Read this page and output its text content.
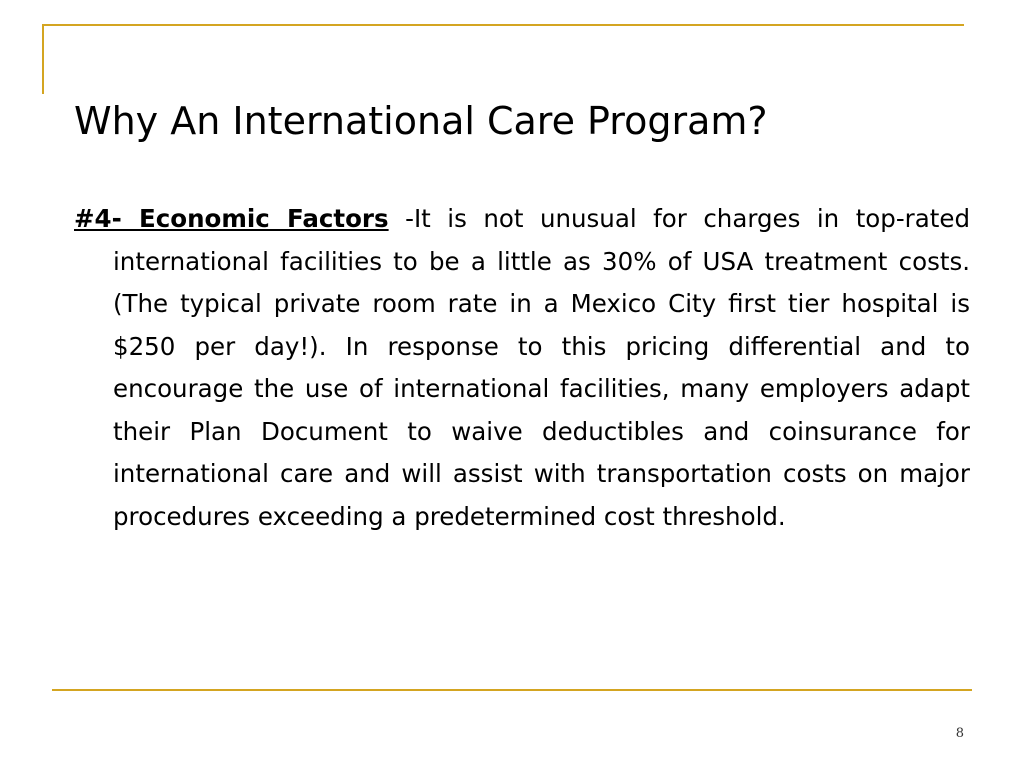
Why An International Care Program?

#4- Economic Factors -It is not unusual for charges in top-rated international facilities to be a little as 30% of USA treatment costs. (The typical private room rate in a Mexico City first tier hospital is $250 per day!). In response to this pricing differential and to encourage the use of international facilities, many employers adapt their Plan Document to waive deductibles and coinsurance for international care and will assist with transportation costs on major procedures exceeding a predetermined cost threshold.

8
